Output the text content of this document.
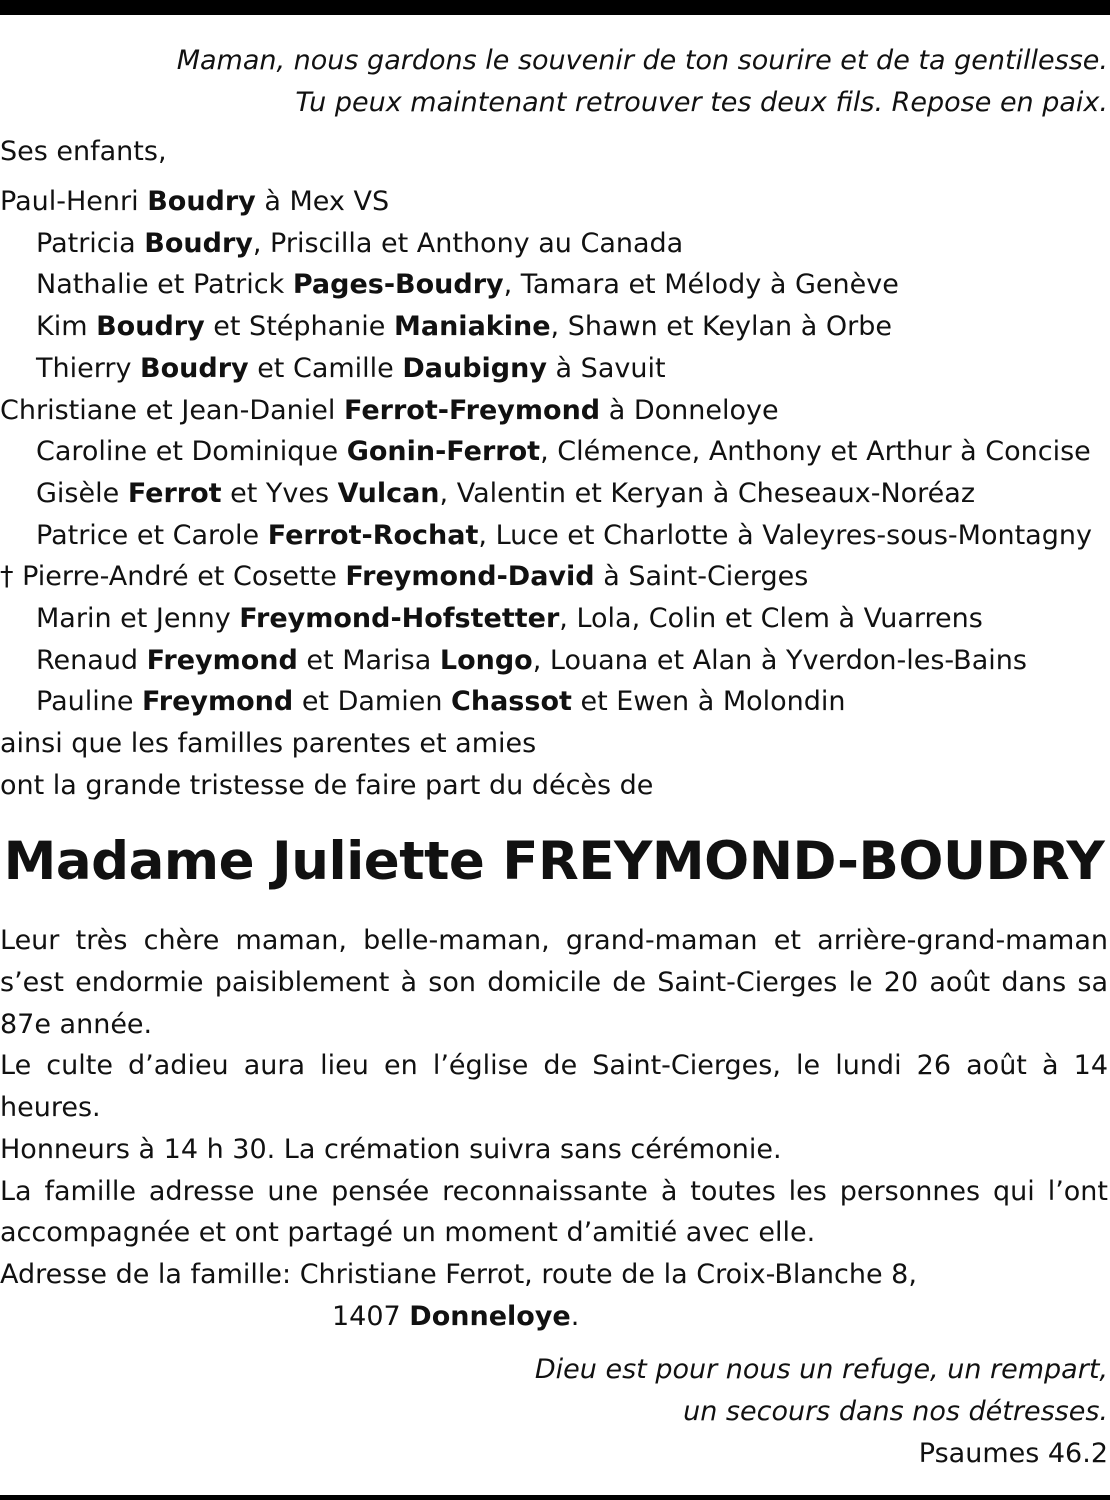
Maman, nous gardons le souvenir de ton sourire et de ta gentillesse.
Tu peux maintenant retrouver tes deux fils. Repose en paix.
Ses enfants,
Paul-Henri Boudry à Mex VS
Patricia Boudry, Priscilla et Anthony au Canada
Nathalie et Patrick Pages-Boudry, Tamara et Mélody à Genève
Kim Boudry et Stéphanie Maniakine, Shawn et Keylan à Orbe
Thierry Boudry et Camille Daubigny à Savuit
Christiane et Jean-Daniel Ferrot-Freymond à Donneloye
Caroline et Dominique Gonin-Ferrot, Clémence, Anthony et Arthur à Concise
Gisèle Ferrot et Yves Vulcan, Valentin et Keryan à Cheseaux-Noréaz
Patrice et Carole Ferrot-Rochat, Luce et Charlotte à Valeyres-sous-Montagny
† Pierre-André et Cosette Freymond-David à Saint-Cierges
Marin et Jenny Freymond-Hofstetter, Lola, Colin et Clem à Vuarrens
Renaud Freymond et Marisa Longo, Louana et Alan à Yverdon-les-Bains
Pauline Freymond et Damien Chassot et Ewen à Molondin
ainsi que les familles parentes et amies
ont la grande tristesse de faire part du décès de
Madame Juliette FREYMOND-BOUDRY
Leur très chère maman, belle-maman, grand-maman et arrière-grand-maman s’est endormie paisiblement à son domicile de Saint-Cierges le 20 août dans sa 87e année.
Le culte d’adieu aura lieu en l’église de Saint-Cierges, le lundi 26 août à 14 heures.
Honneurs à 14 h 30. La crémation suivra sans cérémonie.
La famille adresse une pensée reconnaissante à toutes les personnes qui l’ont accompagnée et ont partagé un moment d’amitié avec elle.
Adresse de la famille: Christiane Ferrot, route de la Croix-Blanche 8,
1407 Donneloye.
Dieu est pour nous un refuge, un rempart,
un secours dans nos détresses.
Psaumes 46.2
